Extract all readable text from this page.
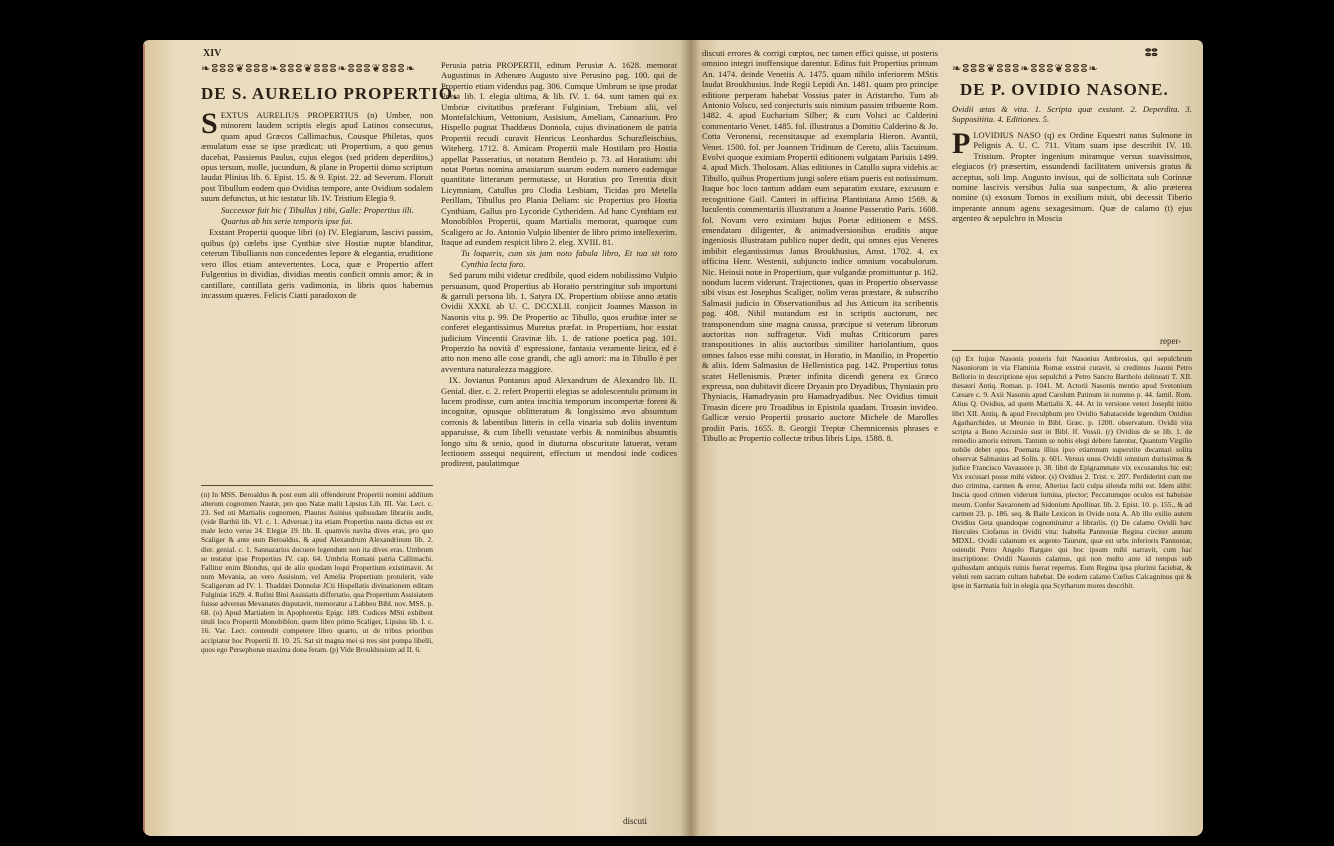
XIV
❧ⵓⵓⵓ❦ⵓⵓⵓ❧ⵓⵓⵓ❦ⵓⵓⵓ❧ⵓⵓⵓ❦ⵓⵓⵓ❧
DE S. AURELIO PROPERTIO.

SEXTUS AURELIUS PROPERTIUS (n) Umber, non minorem laudem scriptis elegis apud Latinos consecutus, quam apud Græcos Callimachus, Cousque Philetas, quos æmulatum esse se ipse prædicat; uti Propertium, a quo genus ducebat, Passienus Paulus, cujus elegos (sed pridem deperditos,) opus tersum, molle, jucundum, & plane in Propertii domo scriptum laudat Plinius lib. 6. Epist. 15. & 9. Epist. 22. ad Severum. Floruit post Tibullum eodem quo Ovidius tempore, ante Ovidium sodalem suum defunctus, ut hic testatur lib. IV. Tristium Elegia 9.

Successor fuit hic ( Tibullus ) tibi, Galle: Propertius illi.

Quartus ab his serie temporis ipse fui.

Exstant Propertii quoque libri (o) IV. Elegiarum, lascivi passim, quibus (p) cœlebs ipse Cynthiæ sive Hostiæ nuptæ blanditur, ceterum Tibullianis non concedentes lepore & elegantia, eruditione vero illos etiam antevertentes. Loca, quæ e Propertio affert Fulgentius in dividias, dividias mentis conficit omnis amor; & in cantillare, cantillata geris vadimonia, in libris quos habemus incassum quæres. Felicis Ciatti paradoxon de

(n) In MSS. Beroaldus & post eum alii offenderunt Propertii nomini additum alterum cognomen Nautæ, pro quo Natæ malit Lipsius Lib. III. Var. Lect. c. 23. Sed uti Martialis cognomen, Plautus Asinius quibusdam librariis audit, (vide Barthii lib. VI. c. 1. Adversar.) ita etiam Propertius nauta dictus est ex male lecto versu 24. Elegiæ 19. lib. II. quamvis navita dives eras, pro quo Scaliger & ante eum Beroaldus, & apud Alexandrum Alexandrinum lib. 2. dier. genial. c. 1. Sannazarius docuere legendum non ita dives eras. Umbrum se testatur ipse Propertius IV. cap. 64. Umbria Romani patria Callimachi. Fallitur enim Blondus, qui de alio quodam loqui Propertium existimavit. At num Mevania, an vero Assisium, vel Amelia Propertium protulerit, vide Scaligerum ad IV. 1. Thaddæi Donnolæ JCti Hispellatis divinationem editam Fulginiæ 1629. 4. Rufini Bini Assisiatis differtatio, qua Propertium Assisiatem fuisse adversus Mevanates disputavit, memoratur a Labbeo Bibl. nov. MSS. p. 68. (o) Apud Martialem in Apophoretis Epigr. 189. Codices MSti exhibent tituli loco Propertii Monobiblon, quem libro primo Scaliger, Lipsius lib. I. c. 16. Var. Lect. contendit competere libro quarto, ut de tribus prioribus accipiatur hoc Propertii II. 10. 25. Sat sit magna mei si tres sint pompa libelli, quos ego Persephonæ maxima dona feram. (p) Vide Broukhusium ad II. 6.

Perusia patria PROPERTII, editum Perusiæ A. 1628. memorat Augustinus in Athenæo Augusto sive Perusino pag. 100. qui de Propertio etiam videndus pag. 306. Cumque Umbrum se ipse prodat Poeta lib. I. elegia ultima, & lib. IV. 1. 64. sunt tamen qui ex Umbriæ civitatibus præferant Fulginiam, Trebiam alii, vel Montefalchium, Vettonium, Assisium, Ameliam, Cannarium. Pro Hispello pugnat Thaddæus Donnola, cujus divinationem de patria Propertii recudi curavit Henricus Leonhardus Schurzfleischius, Witeberg. 1712. 8. Amicam Propertii male Hostilam pro Hostia appellat Passeratius, ut notatum Bentleio p. 73. ad Horatium: ubi notat Poetas nomina amasiarum suarum eodem numero eademque quantitate litterarum permutasse, ut Horatius pro Terentia dixit Licymniam, Catullus pro Clodia Lesbiam, Ticidas pro Metella Perillam, Tibullus pro Plania Deliam: sic Propertius pro Hostia Cynthiam, Gallus pro Lycoride Cytheridem. Ad hanc Cynthiam est Monobiblos Propertii, quam Martialis memorat, quamque cum Scaligero ac Jo. Antonio Vulpio libenter de libro primo intellexerim. Itaque ad eundem respicit libro 2. eleg. XVIII. 81.

Tu loqueris, cum sis jam noto fabula libro, Et tua sit toto Cynthia lecta foro.

Sed parum mihi videtur credibile, quod eidem nobilissimo Vulpio persuasum, quod Propertius ab Horatio perstringitur sub importuni & garruli persona lib. 1. Satyra IX. Propertium obiisse anno ætatis Ovidii XXXI. ab U. C. DCCXLII. conjicit Joannes Masson in Nasonis vita p. 99. De Propertio ac Tibullo, quos eruditæ inter se conferet elegantissimus Muretus præfat. in Propertium, hoc exstat judicium Vincentii Gravinæ lib. 1. de ratione poetica pag. 101. Properzio ha novità d' espressione, fantasia veramente lirica, ed è atto non meno alle cose grandi, che agli amori: ma in Tibullo è per avventura naturalezza maggiore.

IX. Jovianus Pontanus apud Alexandrum de Alexandro lib. II. Genial. dier. c. 2. refert Propertii elegias se adolescentulo primum in lucem prodisse, cum antea inscitia temporum incompertæ forent & incognitæ, opusque oblitteratum & longissimo ævo absumtum corrosis & labentibus litteris in cella vinaria sub doliis inventum apparuisse, & cum libelli vetustate verbis & nominibus absumtis longo situ & senio, quod in diuturna obscuritate latuerat, veram lectionem assequi nequirent, effectum ut mendosi inde codices prodirent, paulatimque

discuti
discuti errores & corrigi cœptos, nec tamen effici quisse, ut posteris omnino integri inoffensique darentur. Editus fuit Propertius primum An. 1474. deinde Venetiis A. 1475. quam nihilo inferiorem MStis laudat Broukhusius. Inde Regii Lepidi An. 1481. quam pro principe editione perperam habebat Vossius pater in Aristarcho. Tum ab Antonio Volsco, sed conjecturis suis nimium passim tribuente Rom. 1482. 4. apud Eucharium Silber; & cum Volsci ac Calderini commentario Venet. 1485. fol. illustratus a Domitio Calderino & Jo. Cotta Veronensi, recensitasque ad exemplaria Hieron. Avantii, Venet. 1500. fol. per Joannem Tridinum de Cereto, aliis Tacuinum. Evolvi quoque eximiam Propertii editionem vulgatam Parisiis 1499. 4. apud Mich. Tholosam. Alias editiones in Catullo supra videbis ac Tibullo, quibus Propertium jungi solere etiam pueris est notissimum. Itaque hoc loco tantum addam eum separatim exstare, excusum e recognitione Guil. Canteri in officina Plantiniana Anno 1569. & luculentis commentariis illustratum a Joanne Passeratio Paris. 1608. fol. Novam vero eximiam hujus Poetæ editionem e MSS. emendatam diligenter, & animadversionibus eruditis atque ingeniosis illustratam publico nuper dedit, qui omnes ejus Veneres imbibit elegantissimus Janus Broukhusius, Amst. 1702. 4. ex officina Henr. Westenii, subjuncto indice omnium vocabulorum. Nic. Heinsii notæ in Propertium, quæ vulgandæ promittuntur p. 162. nondum lucem viderunt. Trajectiones, quas in Propertio observasse sibi visus est Josephus Scaliger, nolim veras præstare, & subscribo Salmasii judicio in Observationibus ad Jus Atticum ita scribentis pag. 408. Nihil mutandum est in scriptis auctorum, nec transponendum sine magna caussa, præcipue si veterum librorum auctoritas non suffragetur. Vidi multas Criticorum pares transpositiones in aliis auctoribus similiter hariolantium, quos omnes falsos esse mihi constat, in Horatio, in Manilio, in Propertio & aliis. Idem Salmasius de Hellenistica pag. 142. Propertius totus scatet Hellenismis. Præter infinita dicendi genera ex Græco expressa, non dubitavit dicere Dryasin pro Dryadibus, Thyniasin pro Thyniacis, Hamadryasin pro Hamadryadibus. Nec Ovidius timuit Troasin dicere pro Troadibus in Epistola quadam. Troasin invideo. Gallicæ versio Propertii prosario auctore Michele de Marolles prodiit Paris. 1655. 8. Georgii Treptæ Chemnicensis phrases e Tibullo ac Propertio collectæ tribus libris Lips. 1588. 8.
ⵓⵓ
❧ⵓⵓⵓ❦ⵓⵓⵓ❧ⵓⵓⵓ❦ⵓⵓⵓ❧
DE P. OVIDIO NASONE.
Ovidii ætas & vita. 1. Scripta quæ exstant. 2. Deperdita. 3. Supposititia. 4. Editiones. 5.

I.
P OVIDIUS NASO (q) ex Ordine Equestri natus Sulmone in Pelignis A. U. C. 711. Vitam suam ipse describit IV. 10. Tristium. Propter ingenium miramque versus suavissimos, elegiacos (r) præsertim, essundendi facilitatem universis gratus & acceptus, soli Imp. Augusto invisus, qui de sollicitata sub Corinnæ nomine lascivis versibus Julia sua suspectum, & alio præterea nomine (s) exosum Tomos in exsilium misit, ubi decessit Tiberio imperante annum agens sexagesimum. Quæ de calamo (t) ejus argenteo & sepulchro in Moscia

reper-
(q) Ex hujus Nasonis posteris fuit Nasonius Ambrosius, qui sepulchrum Nasoniorum in via Flaminia Romæ exstrui curavit, si credimus Joanni Petro Bellorio in descriptione ejus sepulchri a Petro Sancto Bartholo delineati T. XII. thesauri Antiq. Roman. p. 1041. M. Actorii Nasonis mentio apud Svetonium Cæsare c. 9. Axii Nasonis apud Carolum Patinum in nummo p. 44. famil. Rom. Alius Q. Ovidius, ad quem Martialis X. 44. At in versione veteri Josephi initio libri XII. Antiq. & apud Freculphum pro Ovidio Sabataceide legendum Onidius Agatharchides, ut Meursio in Bibl. Græc. p. 1200. observatum. Ovidii vita scripta a Bono Accursio sust in Bibl. lf. Vossii. (r) Ovidius de se lib. 1. de remedio amoris extrem. Tantum se nobis elegi debere fatentur, Quantum Virgilio nobile debet opus. Poemata illius ipso etiamnum superstite decantari solita observat Salmasius ad Solin. p. 601. Versus unus Ovidii omnium durissimus & judice Francisco Vavassore p. 38. libri de Epigrammate vix excusandus hic est: Vix excusari posse mihi videor. (s) Ovidius 2. Trist. v. 207. Perdiderint cum me duo crimina, carmen & error, Alterius facti culpa silenda mihi est. Idem alibi: Inscia quod crimen viderunt lumina, plector; Peccatumque oculos est habuisse meum. Confer Savaronem ad Sidonium Apollinar. lib. 2. Epist. 10. p. 155., & ad carmen 23. p. 186. seq. & Baile Lexicon in Ovide nota A. Ab illo exilio autem Ovidius Geta quandoque cognominatur a librariis. (t) De calamo Ovidii hæc Hercules Ciofanus in Ovidii vita: Isabella Pannoniæ Regina circiter annum MDXL. Ovidii calamum ex argento Taurunt, quæ est urbs inferioris Pannoniæ, ostendit Petro Angelo Bargæo qui hoc ipsum mihi narravit, cum hac inscriptione: Ovidii Nasonis calamus, qui non multo ante id tempus sub quibusdam antiquis ruinis fuerat repertus. Eum Regina ipsa plurimi faciebat, & veluti rem sacram cultam habebat. De eodem calamo Cœlius Calcagninus qui & ipse in Sarmatia fuit in elegia qua Scytharum mores describit.
